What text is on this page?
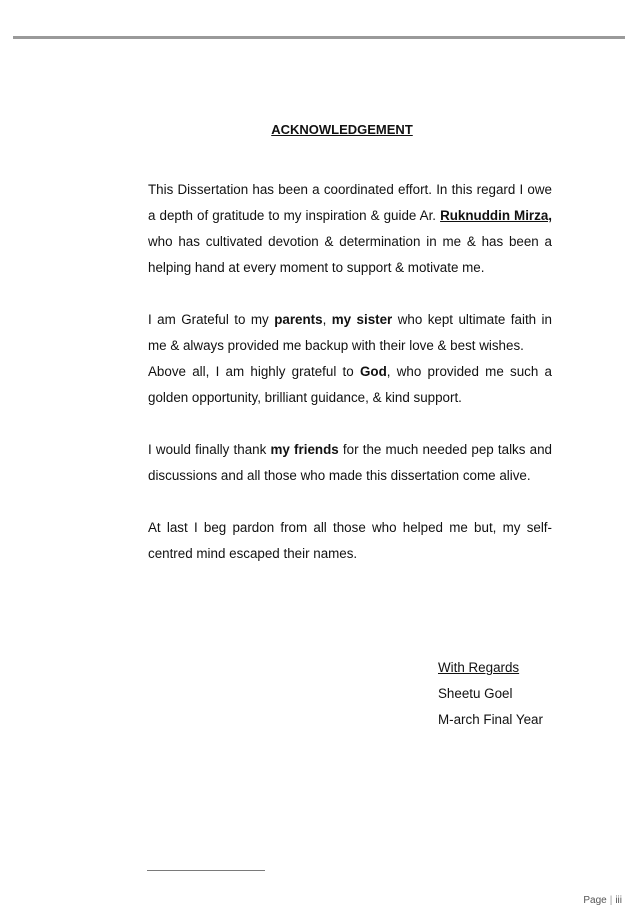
ACKNOWLEDGEMENT

This Dissertation has been a coordinated effort. In this regard I owe a depth of gratitude to my inspiration & guide Ar. Ruknuddin Mirza, who has cultivated devotion & determination in me & has been a helping hand at every moment to support & motivate me.

I am Grateful to my parents, my sister who kept ultimate faith in me & always provided me backup with their love & best wishes.

Above all, I am highly grateful to God, who provided me such a golden opportunity, brilliant guidance, & kind support.

I would finally thank my friends for the much needed pep talks and discussions and all those who made this dissertation come alive.

At last I beg pardon from all those who helped me but, my self-centred mind escaped their names.

With Regards
Sheetu Goel
M-arch Final Year
Page | iii
